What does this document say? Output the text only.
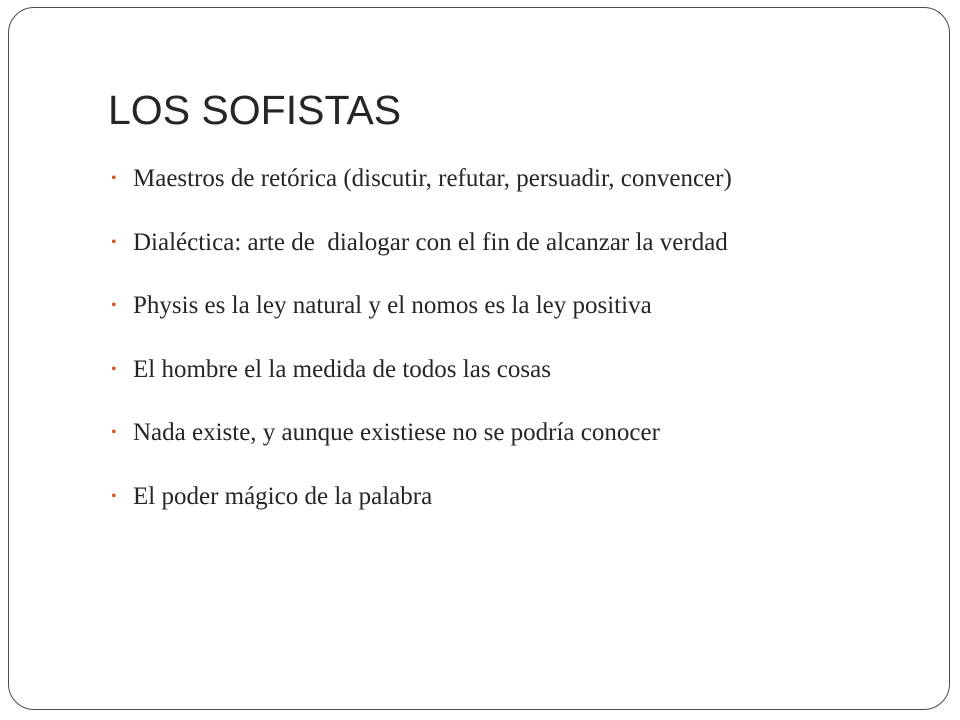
LOS SOFISTAS
• Maestros de retórica (discutir, refutar, persuadir, convencer)
• Dialéctica: arte de  dialogar con el fin de alcanzar la verdad
• Physis es la ley natural y el nomos es la ley positiva
• El hombre el la medida de todos las cosas
• Nada existe, y aunque existiese no se podría conocer
• El poder mágico de la palabra
